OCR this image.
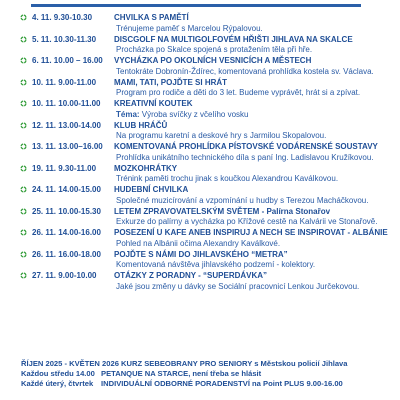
4. 11. 9.30-10.30	CHVILKA S PAMĚTÍ
Trénujeme paměť s Marcelou Rýpalovou.
5. 11. 10.30-11.30 DISCGOLF NA MULTIGOLFOVÉM HŘIŠTI JIHLAVA NA SKALCE
Procházka po Skalce spojená s protažením těla při hře.
6. 11. 10.00 – 16.00 VYCHÁZKA PO OKOLNÍCH VESNICÍCH A MĚSTECH
Tentokráte Dobronín-Ždírec, komentovaná prohlídka kostela sv. Václava.
10. 11. 9.00-11.00 MAMI, TATI, POJĎTE SI HRÁT
Program pro rodiče a děti do 3 let. Budeme vyprávět, hrát si a zpívat.
10. 11. 10.00-11.00 KREATIVNÍ KOUTEK
Téma: Výroba svíčky z včelího vosku
12. 11. 13.00-14.00 KLUB HRÁČŮ
Na programu karetní a deskové hry s Jarmilou Skopalovou.
13. 11. 13.00–16.00 KOMENTOVANÁ PROHLÍDKA PÍSTOVSKÉ VODÁRENSKÉ SOUSTAVY
Prohlídka unikátního technického díla s paní Ing. Ladislavou Kružíkovou.
19. 11. 9.30-11.00 MOZKOHRÁTKY
Trénink paměti trochu jinak s koučkou Alexandrou Kaválkovou.
24. 11. 14.00-15.00 HUDEBNÍ CHVILKA
Společné muzicírování a vzpomínání u hudby s Terezou Macháčkovou.
25. 11. 10.00-15.30 LETEM ZPRAVOVATELSKÝM SVĚTEM - Palírna Stonařov
Exkurze do palírny a vycházka po Křížové cestě na Kalvárii ve Stonařově.
26. 11. 14.00-16.00 POSEZENÍ U KAFE ANEB INSPIRUJ A NECH SE INSPIROVAT - ALBÁNIE
Pohled na Albánii očima Alexandry Kaválkové.
26. 11. 16.00-18.00 POJĎTE S NÁMI DO JIHLAVSKÉHO “METRA”
Komentovaná návštěva jihlavského podzemí - kolektory.
27. 11. 9.00-10.00 OTÁZKY Z PORADNY - “SUPERDÁVKA”
Jaké jsou změny u dávky se Sociální pracovnicí Lenkou Jurčekovou.
ŘÍJEN 2025 - KVĚTEN 2026 KURZ SEBEOBRANY PRO SENIORY s Městskou policií Jihlava
Každou středu 14.00 PETANQUE NA STARCE, není třeba se hlásit
Každé úterý, čtvrtek INDIVIDUÁLNÍ ODBORNÉ PORADENSTVÍ na Point PLUS 9.00-16.00
